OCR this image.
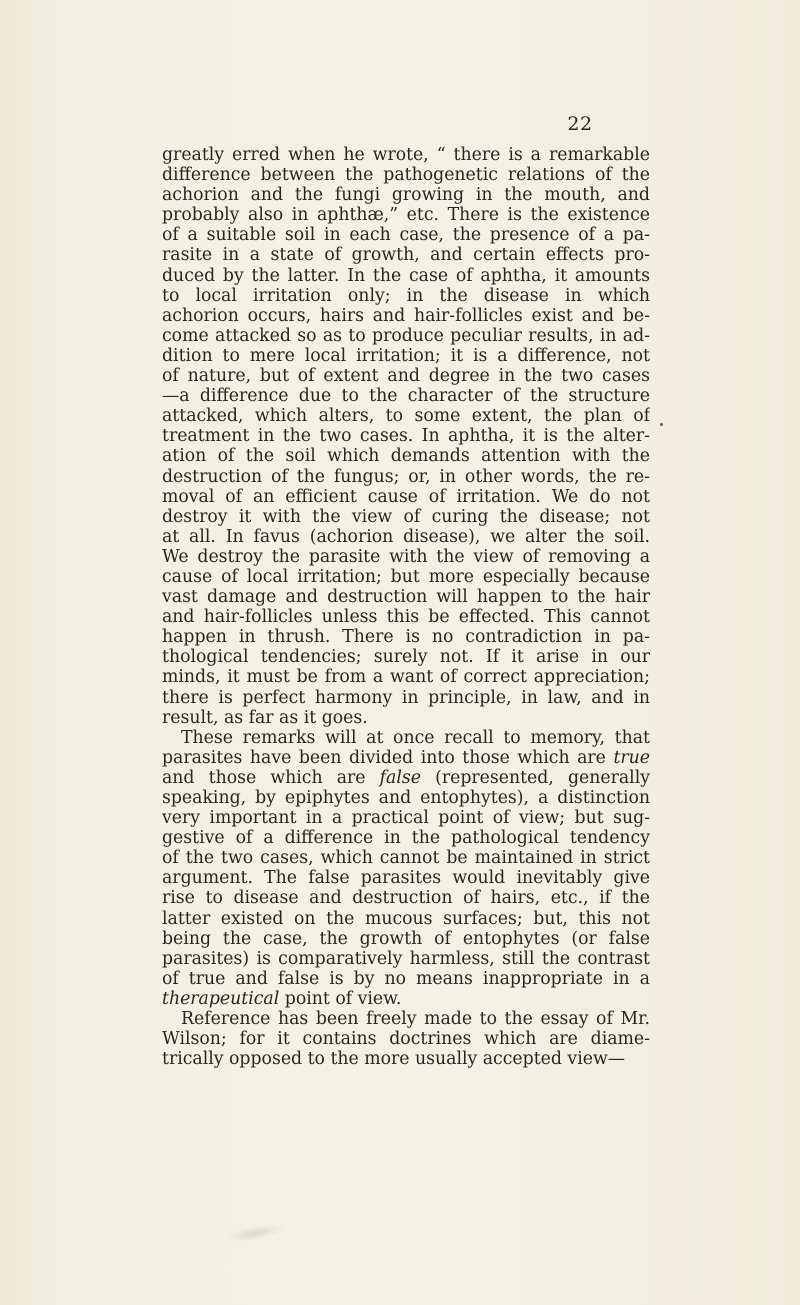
22
greatly erred when he wrote, “ there is a remarkable
difference between the pathogenetic relations of the
achorion and the fungi growing in the mouth, and
probably also in aphthæ,” etc. There is the existence
of a suitable soil in each case, the presence of a pa-
rasite in a state of growth, and certain effects pro-
duced by the latter. In the case of aphtha, it amounts
to local irritation only; in the disease in which
achorion occurs, hairs and hair-follicles exist and be-
come attacked so as to produce peculiar results, in ad-
dition to mere local irritation; it is a difference, not
of nature, but of extent and degree in the two cases
—a difference due to the character of the structure
attacked, which alters, to some extent, the plan of
treatment in the two cases. In aphtha, it is the alter-
ation of the soil which demands attention with the
destruction of the fungus; or, in other words, the re-
moval of an efficient cause of irritation. We do not
destroy it with the view of curing the disease; not
at all. In favus (achorion disease), we alter the soil.
We destroy the parasite with the view of removing a
cause of local irritation; but more especially because
vast damage and destruction will happen to the hair
and hair-follicles unless this be effected. This cannot
happen in thrush. There is no contradiction in pa-
thological tendencies; surely not. If it arise in our
minds, it must be from a want of correct appreciation;
there is perfect harmony in principle, in law, and in
result, as far as it goes.
These remarks will at once recall to memory, that
parasites have been divided into those which are true
and those which are false (represented, generally
speaking, by epiphytes and entophytes), a distinction
very important in a practical point of view; but sug-
gestive of a difference in the pathological tendency
of the two cases, which cannot be maintained in strict
argument. The false parasites would inevitably give
rise to disease and destruction of hairs, etc., if the
latter existed on the mucous surfaces; but, this not
being the case, the growth of entophytes (or false
parasites) is comparatively harmless, still the contrast
of true and false is by no means inappropriate in a
therapeutical point of view.
Reference has been freely made to the essay of Mr.
Wilson; for it contains doctrines which are diame-
trically opposed to the more usually accepted view—
